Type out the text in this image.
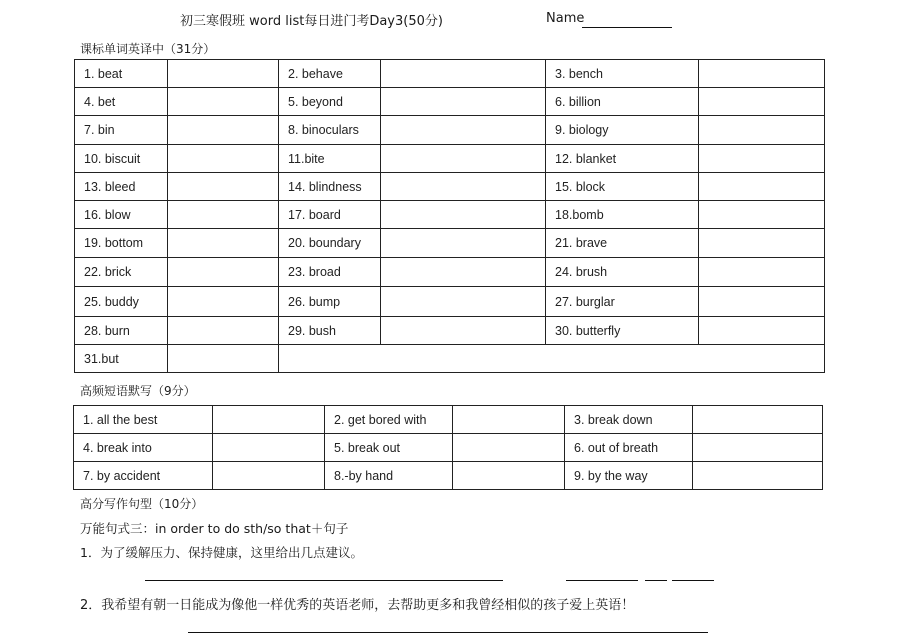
初三寒假班 word list每日进门考Day3(50分)	Name
课标单词英译中（31分）
1. beat		2. behave		3. bench	
4. bet		5. beyond		6. billion	
7. bin		8. binoculars		9. biology	
10. biscuit		11.bite		12. blanket	
13. bleed		14. blindness		15. block	
16. blow		17. board		18.bomb	
19. bottom		20. boundary		21. brave	
22. brick		23. broad		24. brush	
25. buddy		26. bump		27. burglar	
28. burn		29. bush		30. butterfly	
31.but					
高频短语默写（9分）
1. all the best		2. get bored with		3. break down	
4. break into		5. break out		6. out of breath	
7. by accident		8.-by hand		9. by the way	
高分写作句型（10分）
万能句式三：in order to do sth/so that＋句子
1．为了缓解压力、保持健康，这里给出几点建议。
2．我希望有朝一日能成为像他一样优秀的英语老师，去帮助更多和我曾经相似的孩子爱上英语！
